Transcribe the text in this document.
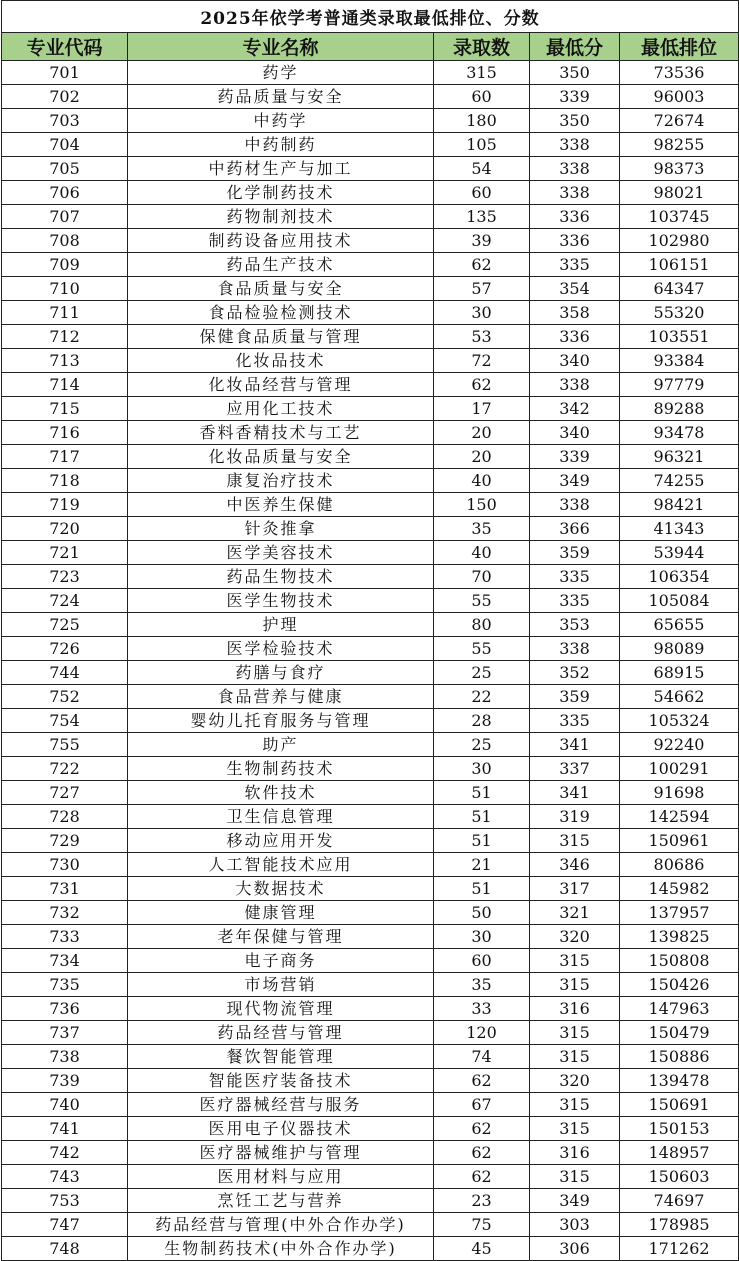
2025年依学考普通类录取最低排位、分数				
专业代码	专业名称	录取数	最低分	最低排位
701	药学	315	350	73536
702	药品质量与安全	60	339	96003
703	中药学	180	350	72674
704	中药制药	105	338	98255
705	中药材生产与加工	54	338	98373
706	化学制药技术	60	338	98021
707	药物制剂技术	135	336	103745
708	制药设备应用技术	39	336	102980
709	药品生产技术	62	335	106151
710	食品质量与安全	57	354	64347
711	食品检验检测技术	30	358	55320
712	保健食品质量与管理	53	336	103551
713	化妆品技术	72	340	93384
714	化妆品经营与管理	62	338	97779
715	应用化工技术	17	342	89288
716	香料香精技术与工艺	20	340	93478
717	化妆品质量与安全	20	339	96321
718	康复治疗技术	40	349	74255
719	中医养生保健	150	338	98421
720	针灸推拿	35	366	41343
721	医学美容技术	40	359	53944
723	药品生物技术	70	335	106354
724	医学生物技术	55	335	105084
725	护理	80	353	65655
726	医学检验技术	55	338	98089
744	药膳与食疗	25	352	68915
752	食品营养与健康	22	359	54662
754	婴幼儿托育服务与管理	28	335	105324
755	助产	25	341	92240
722	生物制药技术	30	337	100291
727	软件技术	51	341	91698
728	卫生信息管理	51	319	142594
729	移动应用开发	51	315	150961
730	人工智能技术应用	21	346	80686
731	大数据技术	51	317	145982
732	健康管理	50	321	137957
733	老年保健与管理	30	320	139825
734	电子商务	60	315	150808
735	市场营销	35	315	150426
736	现代物流管理	33	316	147963
737	药品经营与管理	120	315	150479
738	餐饮智能管理	74	315	150886
739	智能医疗装备技术	62	320	139478
740	医疗器械经营与服务	67	315	150691
741	医用电子仪器技术	62	315	150153
742	医疗器械维护与管理	62	316	148957
743	医用材料与应用	62	315	150603
753	烹饪工艺与营养	23	349	74697
747	药品经营与管理(中外合作办学)	75	303	178985
748	生物制药技术(中外合作办学)	45	306	171262
